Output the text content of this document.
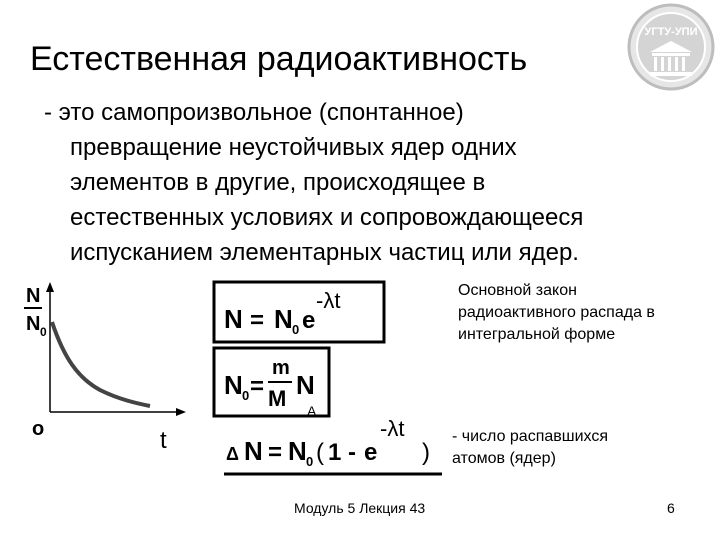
Естественная радиоактивность
УГТУ-УПИ
- это самопроизвольное (спонтанное)
превращение неустойчивых ядер одних
элементов в другие, происходящее в
естественных условиях и сопровождающееся
испусканием элементарных частиц или ядер.
N
N 0
o	t
N = N 0 e
-λt
N 0 =
m
M N
A
Δ N = N 0 ( 1 - e
-λt
)
Основной закон
радиоактивного распада в
интегральной форме
- число распавшихся
атомов (ядер)
Модуль 5 Лекция 43	6
